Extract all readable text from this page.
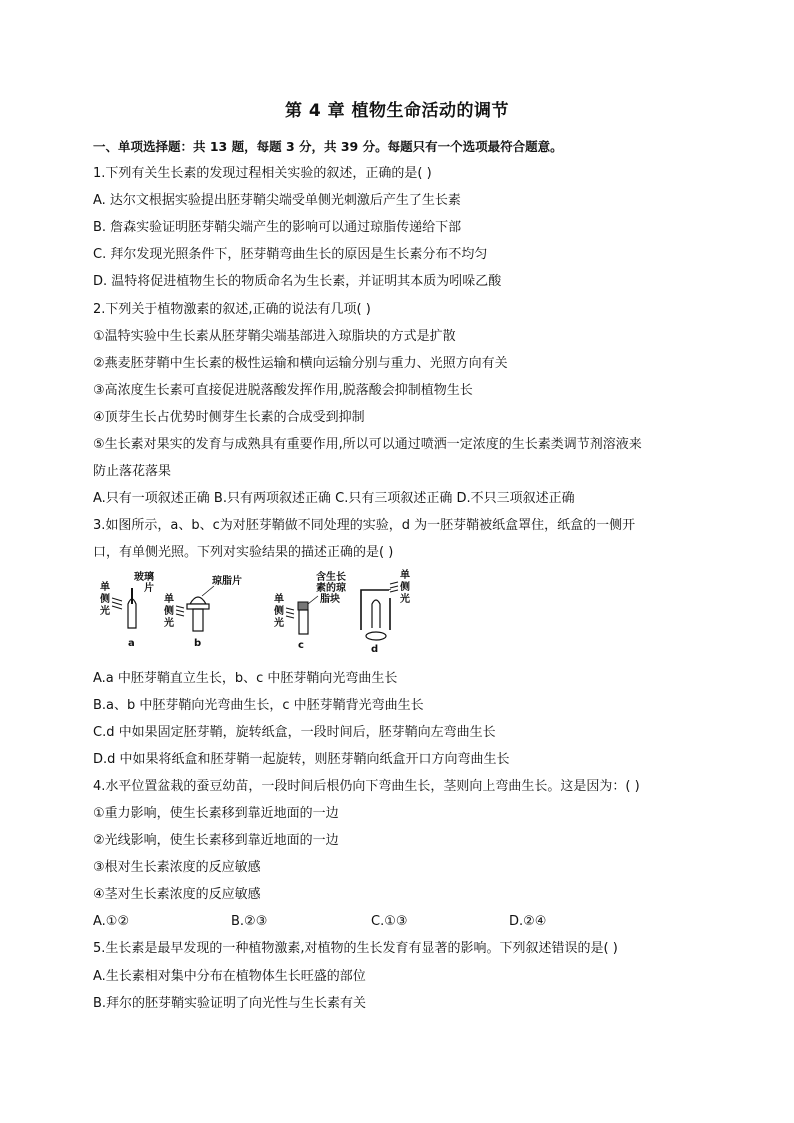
第 4 章 植物生命活动的调节
一、单项选择题：共 13 题，每题 3 分，共 39 分。每题只有一个选项最符合题意。
1.下列有关生长素的发现过程相关实验的叙述，正确的是( )
A. 达尔文根据实验提出胚芽鞘尖端受单侧光刺激后产生了生长素
B. 詹森实验证明胚芽鞘尖端产生的影响可以通过琼脂传递给下部
C. 拜尔发现光照条件下，胚芽鞘弯曲生长的原因是生长素分布不均匀
D. 温特将促进植物生长的物质命名为生长素，并证明其本质为吲哚乙酸
2.下列关于植物激素的叙述,正确的说法有几项( )
①温特实验中生长素从胚芽鞘尖端基部进入琼脂块的方式是扩散
②燕麦胚芽鞘中生长素的极性运输和横向运输分别与重力、光照方向有关
③高浓度生长素可直接促进脱落酸发挥作用,脱落酸会抑制植物生长
④顶芽生长占优势时侧芽生长素的合成受到抑制
⑤生长素对果实的发育与成熟具有重要作用,所以可以通过喷洒一定浓度的生长素类调节剂溶液来
防止落花落果
A.只有一项叙述正确 B.只有两项叙述正确 C.只有三项叙述正确 D.不只三项叙述正确
3.如图所示，a、b、c为对胚芽鞘做不同处理的实验，d 为一胚芽鞘被纸盒罩住，纸盒的一侧开
口，有单侧光照。下列对实验结果的描述正确的是( )
A.a 中胚芽鞘直立生长，b、c 中胚芽鞘向光弯曲生长
B.a、b 中胚芽鞘向光弯曲生长，c 中胚芽鞘背光弯曲生长
C.d 中如果固定胚芽鞘，旋转纸盒，一段时间后，胚芽鞘向左弯曲生长
D.d 中如果将纸盒和胚芽鞘一起旋转，则胚芽鞘向纸盒开口方向弯曲生长
4.水平位置盆栽的蚕豆幼苗，一段时间后根仍向下弯曲生长，茎则向上弯曲生长。这是因为：( )
①重力影响，使生长素移到靠近地面的一边
②光线影响，使生长素移到靠近地面的一边
③根对生长素浓度的反应敏感
④茎对生长素浓度的反应敏感
A.①②	B.②③	C.①③	D.②④
5.生长素是最早发现的一种植物激素,对植物的生长发育有显著的影响。下列叙述错误的是( )
A.生长素相对集中分布在植物体生长旺盛的部位
B.拜尔的胚芽鞘实验证明了向光性与生长素有关
单
侧
光
玻璃
片
a
单
侧
光
琼脂片
b
单
侧
光
含生长
素的琼
脂块
c
单
侧
光
d
